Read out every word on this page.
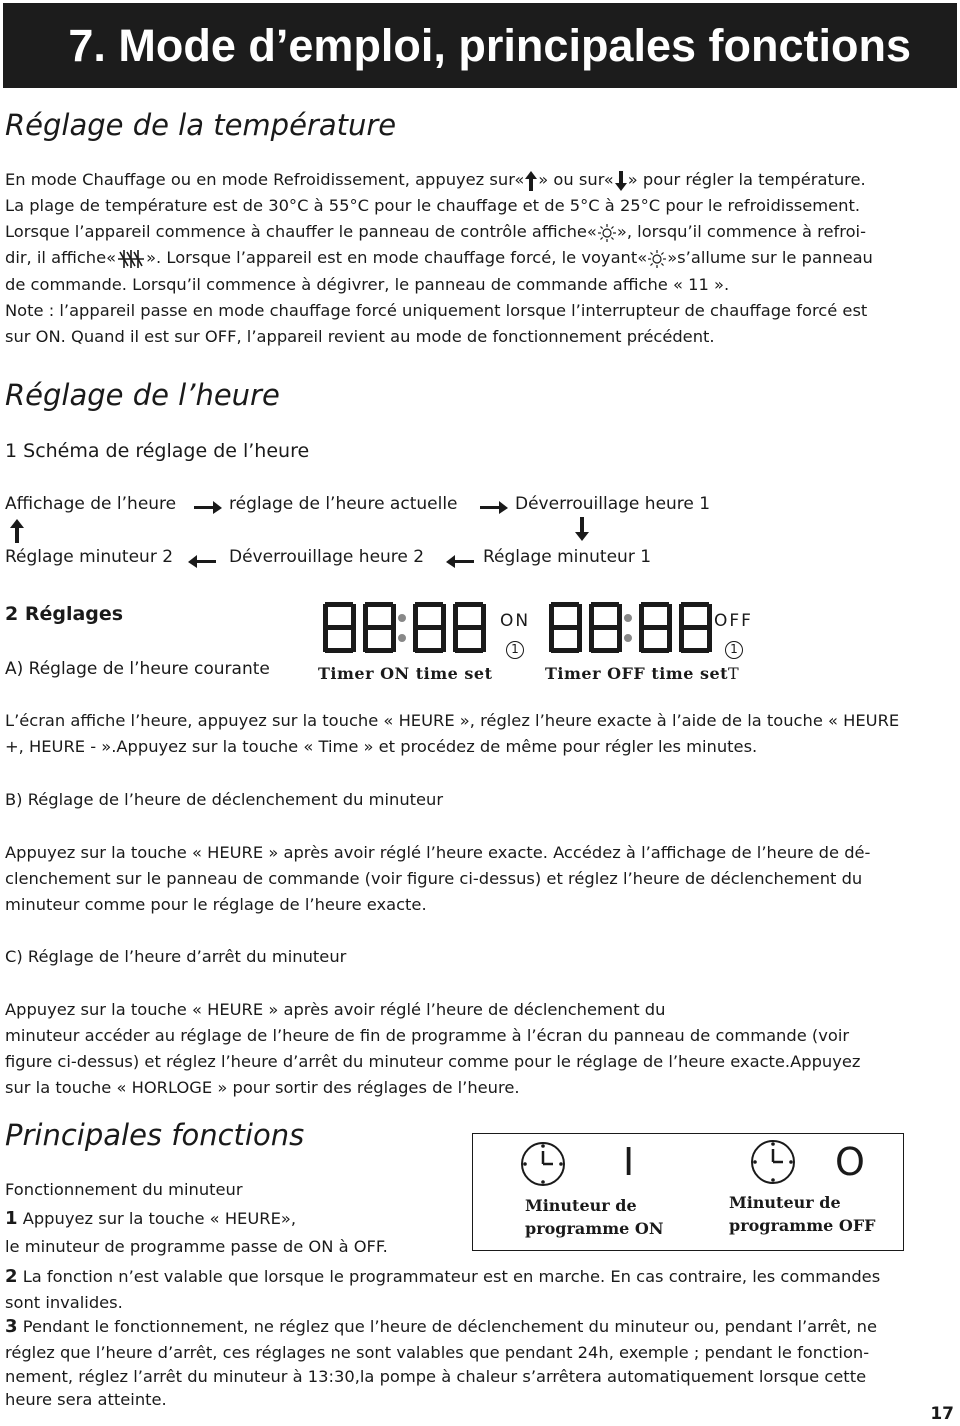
7. Mode d’emploi, principales fonctions
Réglage de la température
En mode Chauffage ou en mode Refroidissement, appuyez sur« » ou sur« » pour régler la température.
La plage de température est de 30°C à 55°C pour le chauffage et de 5°C à 25°C pour le refroidissement.
Lorsque l’appareil commence à chauffer le panneau de contrôle affiche« », lorsqu’il commence à refroi-
dir, il affiche« ». Lorsque l’appareil est en mode chauffage forcé, le voyant« »s’allume sur le panneau
de commande. Lorsqu’il commence à dégivrer, le panneau de commande affiche « 11 ».
Note : l’appareil passe en mode chauffage forcé uniquement lorsque l’interrupteur de chauffage forcé est
sur ON. Quand il est sur OFF, l’appareil revient au mode de fonctionnement précédent.
Réglage de l’heure
1 Schéma de réglage de l’heure
Affichage de l’heure	réglage de l’heure actuelle	Déverrouillage heure 1
Réglage minuteur 2	Déverrouillage heure 2	Réglage minuteur 1
2 Réglages
A) Réglage de l’heure courante	Timer ON time set
ON
1
Timer OFF time setT
OFF
1
L’écran affiche l’heure, appuyez sur la touche « HEURE », réglez l’heure exacte à l’aide de la touche « HEURE
+, HEURE - ».Appuyez sur la touche « Time » et procédez de même pour régler les minutes.
B) Réglage de l’heure de déclenchement du minuteur
Appuyez sur la touche « HEURE » après avoir réglé l’heure exacte. Accédez à l’affichage de l’heure de dé-
clenchement sur le panneau de commande (voir figure ci-dessus) et réglez l’heure de déclenchement du
minuteur comme pour le réglage de l’heure exacte.
C) Réglage de l’heure d’arrêt du minuteur
Appuyez sur la touche « HEURE » après avoir réglé l’heure de déclenchement du
minuteur accéder au réglage de l’heure de fin de programme à l’écran du panneau de commande (voir
figure ci-dessus) et réglez l’heure d’arrêt du minuteur comme pour le réglage de l’heure exacte.Appuyez
sur la touche « HORLOGE » pour sortir des réglages de l’heure.
Principales fonctions
Fonctionnement du minuteur
1 Appuyez sur la touche « HEURE»,
le minuteur de programme passe de ON à OFF.
I
Minuteur de
programme ON
O
Minuteur de
programme OFF
2 La fonction n’est valable que lorsque le programmateur est en marche. En cas contraire, les commandes
sont invalides.
3 Pendant le fonctionnement, ne réglez que l’heure de déclenchement du minuteur ou, pendant l’arrêt, ne
réglez que l’heure d’arrêt, ces réglages ne sont valables que pendant 24h, exemple ; pendant le fonction-
nement, réglez l’arrêt du minuteur à 13:30,la pompe à chaleur s’arrêtera automatiquement lorsque cette
heure sera atteinte.
17
